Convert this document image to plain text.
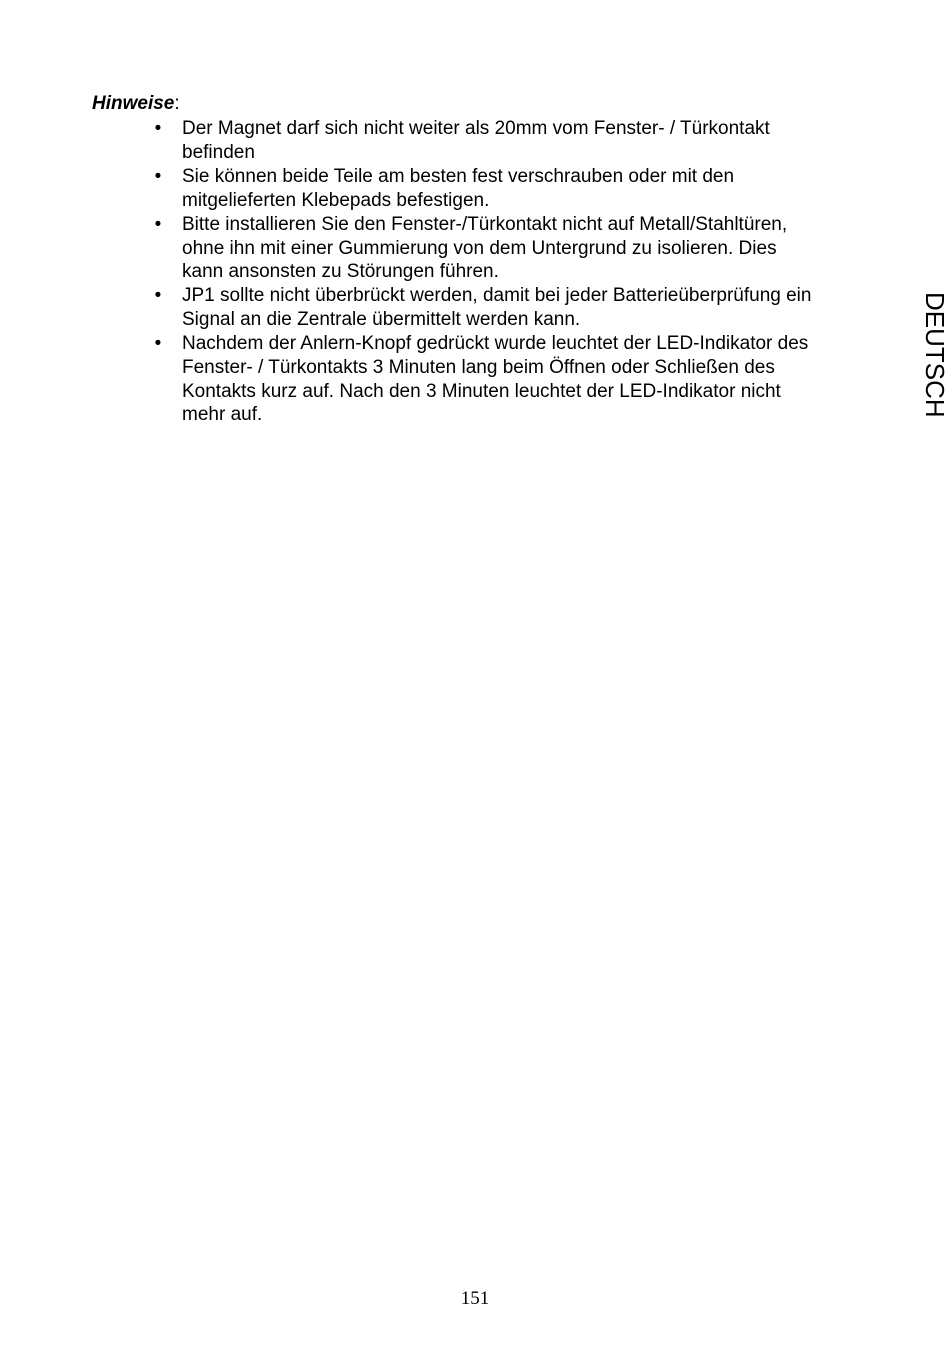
Hinweise:
• Der Magnet darf sich nicht weiter als 20mm vom Fenster- / Türkontakt
befinden
• Sie können beide Teile am besten fest verschrauben oder mit den
mitgelieferten Klebepads befestigen.
• Bitte installieren Sie den Fenster-/Türkontakt nicht auf Metall/Stahltüren,
ohne ihn mit einer Gummierung von dem Untergrund zu isolieren. Dies
kann ansonsten zu Störungen führen.
• JP1 sollte nicht überbrückt werden, damit bei jeder Batterieüberprüfung ein
Signal an die Zentrale übermittelt werden kann.
• Nachdem der Anlern-Knopf gedrückt wurde leuchtet der LED-Indikator des
Fenster- / Türkontakts 3 Minuten lang beim Öffnen oder Schließen des
Kontakts kurz auf. Nach den 3 Minuten leuchtet der LED-Indikator nicht
mehr auf.	DEUTSCH
151
